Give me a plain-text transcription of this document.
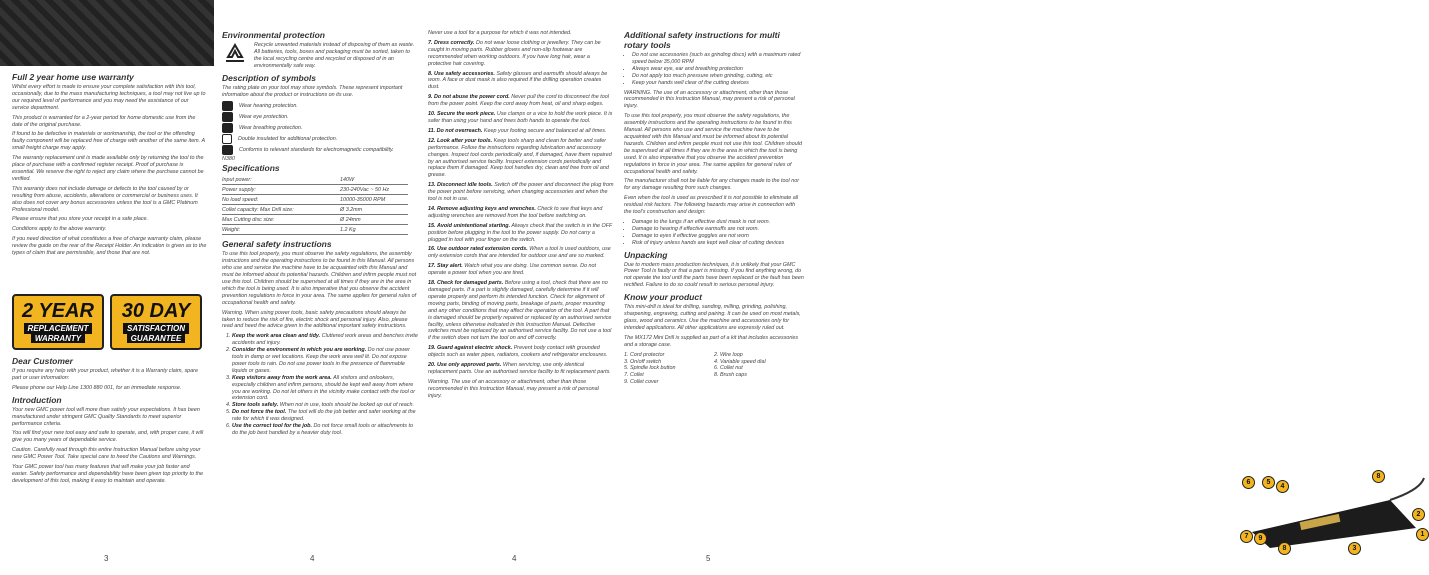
Full 2 year home use warranty

Whilst every effort is made to ensure your complete satisfaction with this tool, occasionally, due to the mass manufacturing techniques, a tool may not live up to our required level of performance and you may need the assistance of our service department.

This product is warranted for a 2-year period for home domestic use from the date of the original purchase.

If found to be defective in materials or workmanship, the tool or the offending faulty component will be replaced free of charge with another of the same item. A small freight charge may apply.

The warranty replacement unit is made available only by returning the tool to the place of purchase with a confirmed register receipt. Proof of purchase is essential. We reserve the right to reject any claim where the purchase cannot be verified.

This warranty does not include damage or defects to the tool caused by or resulting from abuse, accidents, alterations or commercial or business uses. It also does not cover any bonus accessories unless the tool is a GMC Platinum Professional model.

Please ensure that you store your receipt in a safe place.

Conditions apply to the above warranty.

If you need direction of what constitutes a free of charge warranty claim, please review the guide on the rear of the Receipt Holder. An indication is given as to the types of claim that are permissible, and those that are not.

2 YEAR
REPLACEMENT
WARRANTY
30 DAY
SATISFACTION
GUARANTEE

Dear Customer

If you require any help with your product, whether it is a Warranty claim, spare part or user information:

Please phone our Help Line 1300 880 001, for an immediate response.

Introduction

Your new GMC power tool will more than satisfy your expectations. It has been manufactured under stringent GMC Quality Standards to meet superior performance criteria.

You will find your new tool easy and safe to operate, and, with proper care, it will give you many years of dependable service.

Caution. Carefully read through this entire Instruction Manual before using your new GMC Power Tool. Take special care to heed the Cautions and Warnings.

Your GMC power tool has many features that will make your job faster and easier. Safety performance and dependability have been given top priority to the development of this tool, making it easy to maintain and operate.

3

Environmental protection

Recycle unwanted materials instead of disposing of them as waste. All batteries, tools, boxes and packaging must be sorted, taken to the local recycling centre and recycled or disposed of in an environmentally safe way.

Description of symbols

The rating plate on your tool may show symbols. These represent important information about the product or instructions on its use.

Wear hearing protection.
Wear eye protection.
Wear breathing protection.
Double insulated for additional protection.
Conforms to relevant standards for electromagnetic compatibility.

N380

Specifications

Input power:	140W
Power supply:	230-240Vac ~ 50 Hz
No load speed:	10000-35000 RPM
Collet capacity: Max Drill size:	Ø 3.2mm
Max Cutting disc size:	Ø 24mm
Weight:	1.2 Kg

General safety instructions

To use this tool properly, you must observe the safety regulations, the assembly instructions and the operating instructions to be found in this Manual. All persons who use and service the machine have to be acquainted with this Manual and must be informed about its potential hazards. Children and infirm people must not use this tool. Children should be supervised at all times if they are in the area in which the tool is being used. It is also imperative that you observe the accident prevention regulations in force in your area. The same applies for general rules of occupational health and safety.

Warning. When using power tools, basic safety precautions should always be taken to reduce the risk of fire, electric shock and personal injury. Also, please read and heed the advice given in the additional important safety instructions.

1. Keep the work area clean and tidy. Cluttered work areas and benches invite accidents and injury.
2. Consider the environment in which you are working. Do not use power tools in damp or wet locations. Keep the work area well lit. Do not expose power tools to rain. Do not use power tools in the presence of flammable liquids or gases.
3. Keep visitors away from the work area. All visitors and onlookers, especially children and infirm persons, should be kept well away from where you are working. Do not let others in the vicinity make contact with the tool or extension cord.
4. Store tools safely. When not in use, tools should be locked up out of reach.
5. Do not force the tool. The tool will do the job better and safer working at the rate for which it was designed.
6. Use the correct tool for the job. Do not force small tools or attachments to do the job best handled by a heavier duty tool.
4

Never use a tool for a purpose for which it was not intended.

7. Dress correctly. Do not wear loose clothing or jewellery. They can be caught in moving parts. Rubber gloves and non-slip footwear are recommended when working outdoors. If you have long hair, wear a protective hair covering.

8. Use safety accessories. Safety glasses and earmuffs should always be worn. A face or dust mask is also required if the drilling operation creates dust.

9. Do not abuse the power cord. Never pull the cord to disconnect the tool from the power point. Keep the cord away from heat, oil and sharp edges.

10. Secure the work piece. Use clamps or a vice to hold the work piece. It is safer than using your hand and frees both hands to operate the tool.

11. Do not overreach. Keep your footing secure and balanced at all times.

12. Look after your tools. Keep tools sharp and clean for better and safer performance. Follow the instructions regarding lubrication and accessory changes. Inspect tool cords periodically and, if damaged, have them repaired by an authorised service facility. Inspect extension cords periodically and replace them if damaged. Keep tool handles dry, clean and free from oil and grease.

13. Disconnect idle tools. Switch off the power and disconnect the plug from the power point before servicing, when changing accessories and when the tool is not in use.

14. Remove adjusting keys and wrenches. Check to see that keys and adjusting wrenches are removed from the tool before switching on.

15. Avoid unintentional starting. Always check that the switch is in the OFF position before plugging in the tool to the power supply. Do not carry a plugged in tool with your finger on the switch.

16. Use outdoor rated extension cords. When a tool is used outdoors, use only extension cords that are intended for outdoor use and are so marked.

17. Stay alert. Watch what you are doing. Use common sense. Do not operate a power tool when you are tired.

18. Check for damaged parts. Before using a tool, check that there are no damaged parts. If a part is slightly damaged, carefully determine if it will operate properly and perform its intended function. Check for alignment of moving parts, binding of moving parts, breakage of parts, proper mounting and any other conditions that may affect the operation of the tool. A part that is damaged should be properly repaired or replaced by an authorised service facility, unless otherwise indicated in this Instruction Manual. Defective switches must be replaced by an authorised service facility. Do not use a tool if the switch does not turn the tool on and off correctly.

19. Guard against electric shock. Prevent body contact with grounded objects such as water pipes, radiators, cookers and refrigerator enclosures.

20. Use only approved parts. When servicing, use only identical replacement parts. Use an authorised service facility to fit replacement parts.

Warning. The use of an accessory or attachment, other than those recommended in this Instruction Manual, may present a risk of personal injury.

4

Additional safety instructions for multi rotary tools

• Do not use accessories (such as grinding discs) with a maximum rated speed below 35,000 RPM
• Always wear eye, ear and breathing protection
• Do not apply too much pressure when grinding, cutting, etc
• Keep your hands well clear of the cutting devices

WARNING. The use of an accessory or attachment, other than those recommended in this Instruction Manual, may present a risk of personal injury.

To use this tool properly, you must observe the safety regulations, the assembly instructions and the operating instructions to be found in this Manual. All persons who use and service the machine have to be acquainted with this Manual and must be informed about its potential hazards. Children and infirm people must not use this tool. Children should be supervised at all times if they are in the area in which the tool is being used. It is also imperative that you observe the accident prevention regulations in force in your area. The same applies for general rules of occupational health and safety.

The manufacturer shall not be liable for any changes made to the tool nor for any damage resulting from such changes.

Even when the tool is used as prescribed it is not possible to eliminate all residual risk factors. The following hazards may arise in connection with the tool's construction and design:

• Damage to the lungs if an effective dust mask is not worn.
• Damage to hearing if effective earmuffs are not worn.
• Damage to eyes if effective goggles are not worn
• Risk of injury unless hands are kept well clear of cutting devices

Unpacking

Due to modern mass production techniques, it is unlikely that your GMC Power Tool is faulty or that a part is missing. If you find anything wrong, do not operate the tool until the parts have been replaced or the fault has been rectified. Failure to do so could result in serious personal injury.

Know your product

This mini-drill is ideal for drilling, sanding, milling, grinding, polishing, sharpening, engraving, cutting and pairing. It can be used on most metals, glass, wood and ceramics. Use the machine and accessories only for intended applications. All other applications are expressly ruled out.

The MX172 Mini Drill is supplied as part of a kit that includes accessories and a storage case.

1. Cord protector	2. Wire loop
3. On/off switch	4. Variable speed dial
5. Spindle lock button	6. Collet nut
7. Collet	8. Brush caps
9. Collet cover
6	5
4
8
7	9
8	3
2
1
5
